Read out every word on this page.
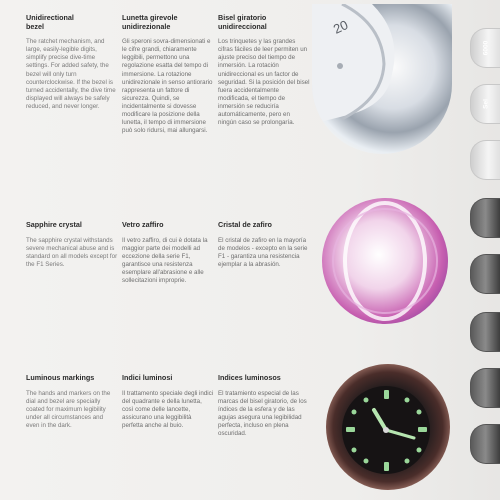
Unidirectional
bezel

The ratchet mechanism, and large, easily-legible digits, simplify precise dive-time settings. For added safety, the bezel will only turn counterclockwise. If the bezel is turned accidentally, the dive time displayed will always be safely reduced, and never longer.

Lunetta girevole
unidirezionale

Gli speroni sovra-dimensionati e le cifre grandi, chiaramente leggibili, permettono una regolazione esatta del tempo di immersione. La rotazione unidirezionale in senso antiorario rappresenta un fattore di sicurezza. Quindi, se incidentalmente si dovesse modificare la posizione della lunetta, il tempo di immersione può solo ridursi, mai allungarsi.

Bisel giratorio
unidireccional

Los trinquetes y las grandes cifras fáciles de leer permiten un ajuste preciso del tiempo de inmersión. La rotación unidireccional es un factor de seguridad. Si la posición del bisel fuera accidentalmente modificada, el tiempo de inmersión se reduciría automáticamente, pero en ningún caso se prolongaría.

20

Sapphire crystal

The sapphire crystal withstands severe mechanical abuse and is standard on all models except for the F1 Series.

Vetro zaffiro

Il vetro zaffiro, di cui è dotata la maggior parte dei modelli ad eccezione della serie F1, garantisce una resistenza esemplare all'abrasione e alle sollecitazioni improprie.

Cristal de zafiro

El cristal de zafiro en la mayoría de modelos - excepto en la serie F1 - garantiza una resistencia ejemplar a la abrasión.

Luminous markings

The hands and markers on the dial and bezel are specially coated for maximum legibility under all circumstances and even in the dark.

Indici luminosi

Il trattamento speciale degli indici del quadrante e della lunetta, così come delle lancette, assicurano una leggibilità perfetta anche al buio.

Indices luminosos

El tratamiento especial de las marcas del bisel giratorio, de los índices de la esfera y de las agujas asegura una legibilidad perfecta, incluso en plena oscuridad.

6000
Sel
